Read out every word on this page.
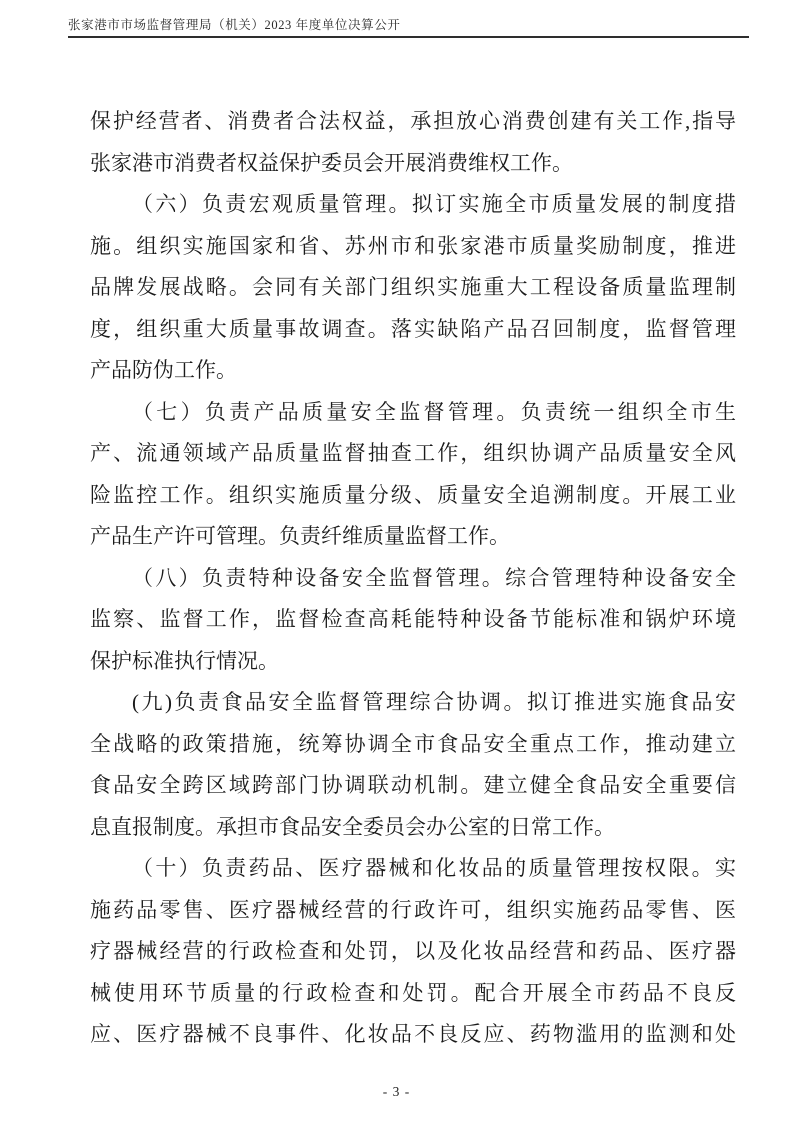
张家港市市场监督管理局（机关）2023 年度单位决算公开
保护经营者、消费者合法权益，承担放心消费创建有关工作,指导
张家港市消费者权益保护委员会开展消费维权工作。
（六）负责宏观质量管理。拟订实施全市质量发展的制度措
施。组织实施国家和省、苏州市和张家港市质量奖励制度，推进
品牌发展战略。会同有关部门组织实施重大工程设备质量监理制
度，组织重大质量事故调查。落实缺陷产品召回制度，监督管理
产品防伪工作。
（七）负责产品质量安全监督管理。负责统一组织全市生
产、流通领域产品质量监督抽查工作，组织协调产品质量安全风
险监控工作。组织实施质量分级、质量安全追溯制度。开展工业
产品生产许可管理。负责纤维质量监督工作。
（八）负责特种设备安全监督管理。综合管理特种设备安全
监察、监督工作，监督检查高耗能特种设备节能标准和锅炉环境
保护标准执行情况。
(九)负责食品安全监督管理综合协调。拟订推进实施食品安
全战略的政策措施，统筹协调全市食品安全重点工作，推动建立
食品安全跨区域跨部门协调联动机制。建立健全食品安全重要信
息直报制度。承担市食品安全委员会办公室的日常工作。
（十）负责药品、医疗器械和化妆品的质量管理按权限。实
施药品零售、医疗器械经营的行政许可，组织实施药品零售、医
疗器械经营的行政检查和处罚，以及化妆品经营和药品、医疗器
械使用环节质量的行政检查和处罚。配合开展全市药品不良反
应、医疗器械不良事件、化妆品不良反应、药物滥用的监测和处
- 3 -
